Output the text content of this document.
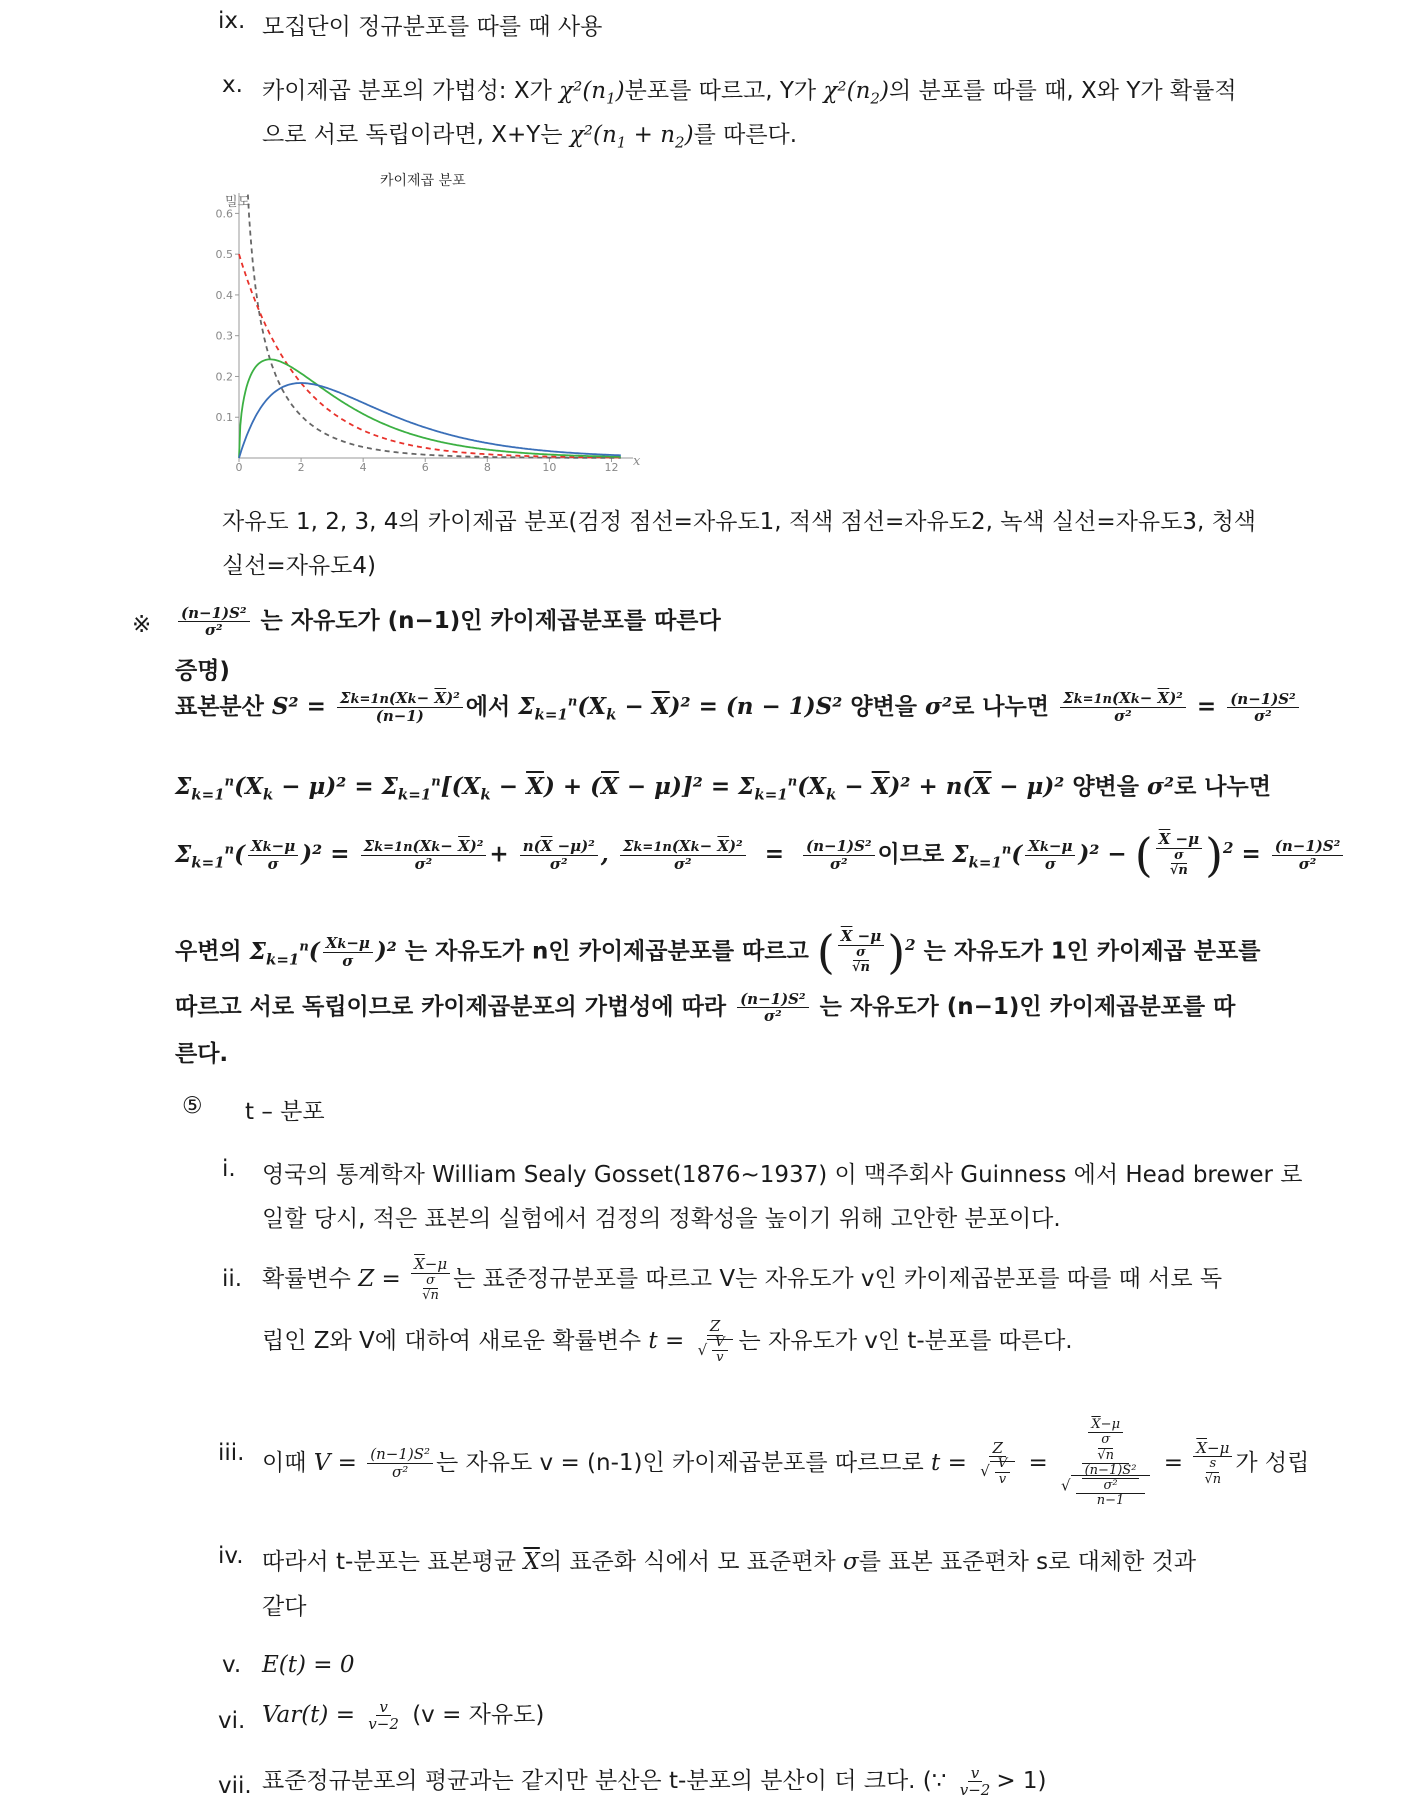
ix. 모집단이 정규분포를 따를 때 사용
x. 카이제곱 분포의 가법성: X가 $\chi^2(n_1)$분포를 따르고, Y가 $\chi^2(n_2)$의 분포를 따를 때, X와 Y가 확률적
으로 서로 독립이라면, X+Y는 $\chi^2(n_1 + n_2)$를 따른다.
카이제곱 분포
밀도
x
0	2	4	6	8	10	12
0.1
0.2
0.3
0.4
0.5
0.6
자유도 1, 2, 3, 4의 카이제곱 분포(검정 점선=자유도1, 적색 점선=자유도2, 녹색 실선=자유도3, 청색
실선=자유도4)
※ $\frac{\text{(n−1)S²}}{\text{σ²}}$ 는 자유도가 (n−1)인 카이제곱분포를 따른다
증명)
표본분산 $S^2 = \frac{\Sigma k=1n(Xk- \overline{X})^2}{(n-1)}$ 에서 $\Sigma_{k=1}^n(X_k - \overline{X})^2 = (n - 1)S^2$ 양변을 σ²로 나누면 $\frac{\Sigma k=1n(Xk- \overline{X})^2}{\text{σ²}} = \frac{\text{(n−1)S²}}{\text{σ²}}$
$\Sigma_{k=1}^n(X_k - \mu)^2 = \Sigma_{k=1}^n[(X_k - \overline{X}) + (\overline{X} - \mu)]^2 = \Sigma_{k=1}^n(X_k - \overline{X})^2 + n(\overline{X} - \mu)^2$ 양변을 σ²로 나누면
$\Sigma_{k=1}^n( \frac{Xk-\mu}{\sigma} )^2 = \frac{\Sigma k=1n(Xk- \overline{X})^2}{\text{σ²}} + \frac{n(\overline{X} -\mu)^2}{\text{σ²}}$ , $\frac{\Sigma k=1n(Xk- \overline{X})^2}{\text{σ²}} = \frac{\text{(n−1)S²}}{\text{σ²}}$ 이므로 $\Sigma_{k=1}^n( \frac{Xk-\mu}{\sigma} )^2$ − ( $\frac{\overline{X} -\mu}{\frac{\sigma}{√n}} )^2 = \frac{\text{(n−1)S²}}{\text{σ²}}$
우변의 $\Sigma_{k=1}^n( \frac{Xk-\mu}{\sigma} )^2$ 는 자유도가 n인 카이제곱분포를 따르고 ( $\frac{\overline{X} -\mu}{\frac{\sigma}{√n}} )^2$ 는 자유도가 1인 카이제곱 분포를
따르고 서로 독립이므로 카이제곱분포의 가법성에 따라 $\frac{\text{(n−1)S²}}{\text{σ²}}$ 는 자유도가 (n−1)인 카이제곱분포를 따
른다.
⑤ t – 분포
i. 영국의 통계학자 William Sealy Gosset(1876~1937) 이 맥주회사 Guinness 에서 Head brewer 로
일할 당시, 적은 표본의 실험에서 검정의 정확성을 높이기 위해 고안한 분포이다.
ii. 확률변수 $Z = \frac{\overline{X}-\mu}{\frac{\sigma}{√n}}$ 는 표준정규분포를 따르고 V는 자유도가 v인 카이제곱분포를 따를 때 서로 독
립인 Z와 V에 대하여 새로운 확률변수 $t = \frac{Z}{√ \frac{V}{v}}$ 는 자유도가 v인 t-분포를 따른다.
iii. 이때 $V = \frac{\text{(n−1)S²}}{\text{σ²}}$ 는 자유도 v = (n-1)인 카이제곱분포를 따르므로 $t = \frac{Z}{√ \frac{V}{v}} = \frac{\frac{\overline{X}-\mu}{\frac{\sigma}{√n}}}{√ \frac{\frac{\text{(n−1)S²}}{\text{σ²}}}{n-1}} = \frac{\overline{X}-\mu}{\frac{s}{√n}}$ 가 성립
iv. 따라서 t-분포는 표본평균 $\overline{X}$의 표준화 식에서 모 표준편차 σ를 표본 표준편차 s로 대체한 것과
같다
v. E(t) = 0
vi. $Var(t) = \frac{v}{v-2} (v$ = 자유도)
vii. 표준정규분포의 평균과는 같지만 분산은 t-분포의 분산이 더 크다. (∵ $\frac{v}{v-2} > 1$)
